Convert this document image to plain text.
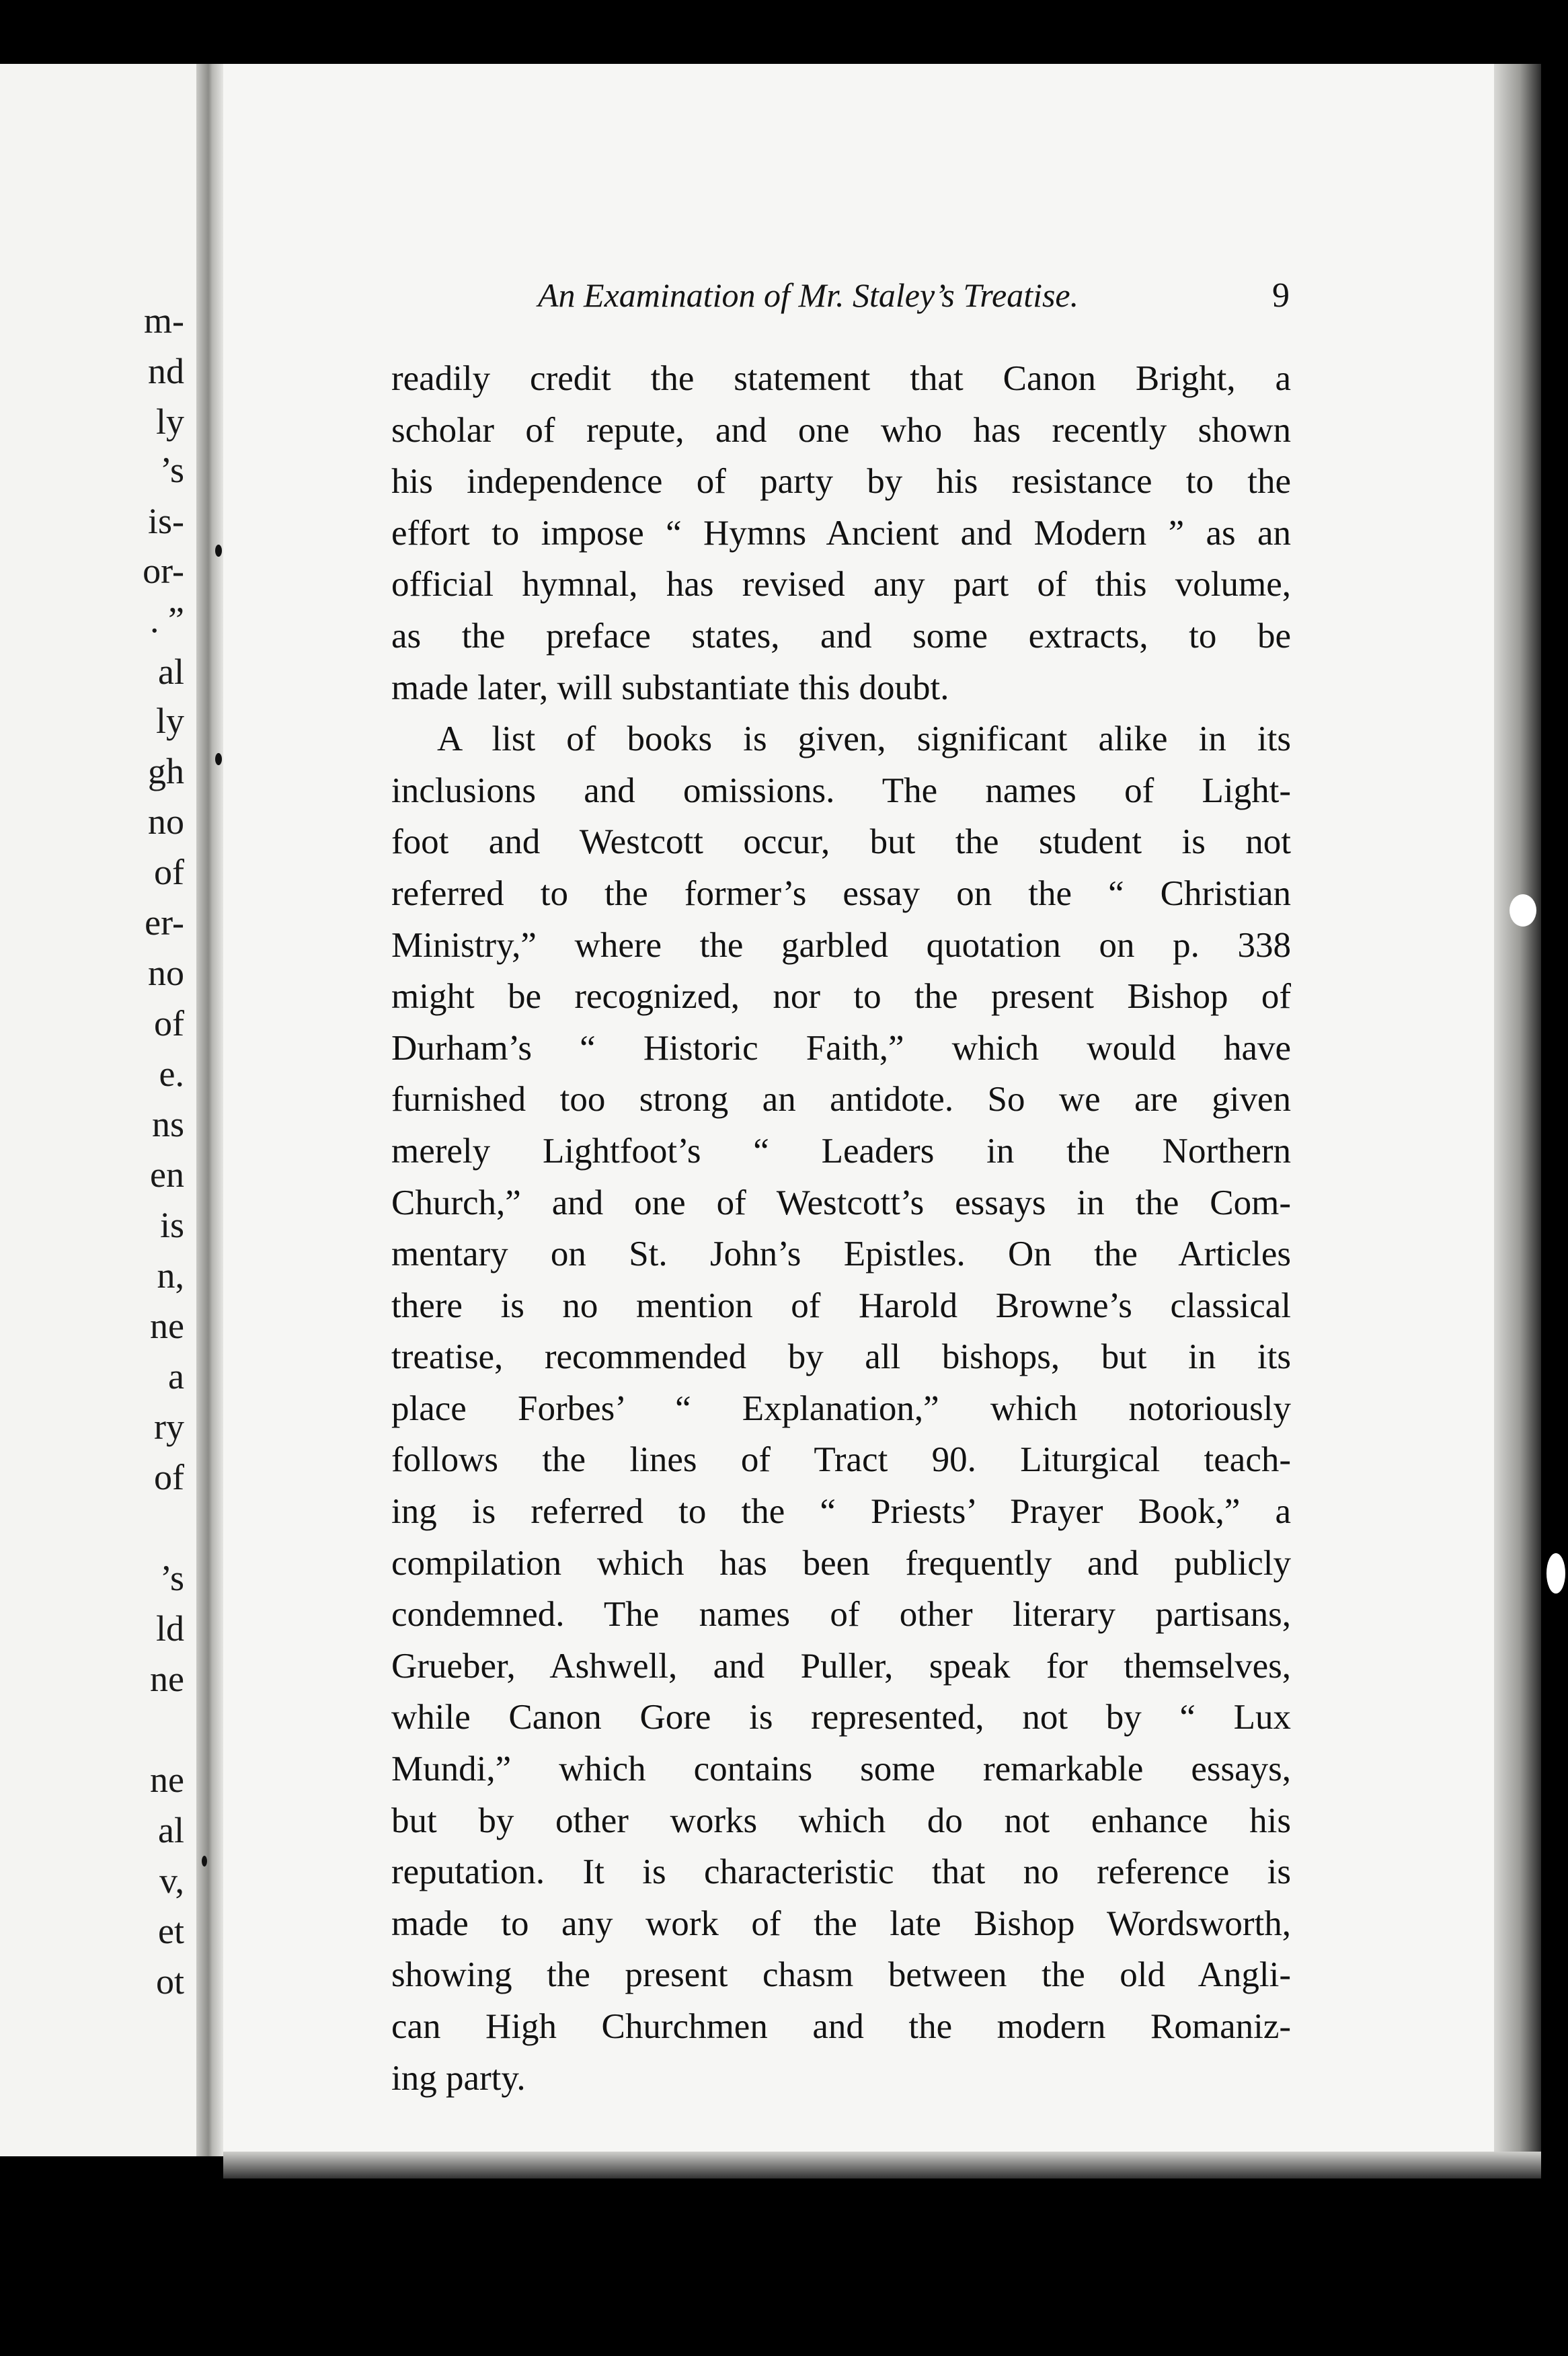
m-
nd
ly
’s
is-
or-
. ”
al
ly
gh
no
of
er-
no
of
e.
ns
en
is
n,
ne
a
ry
of
’s
ld
ne
ne
al
v,
et
ot
An Examination of Mr. Staley’s Treatise.	9
readily credit the statement that Canon Bright, a
scholar of repute, and one who has recently shown
his independence of party by his resistance to the
effort to impose “ Hymns Ancient and Modern ” as an
official hymnal, has revised any part of this volume,
as the preface states, and some extracts, to be
made later, will substantiate this doubt.
A list of books is given, significant alike in its
inclusions and omissions. The names of Light-
foot and Westcott occur, but the student is not
referred to the former’s essay on the “ Christian
Ministry,” where the garbled quotation on p. 338
might be recognized, nor to the present Bishop of
Durham’s “ Historic Faith,” which would have
furnished too strong an antidote. So we are given
merely Lightfoot’s “ Leaders in the Northern
Church,” and one of Westcott’s essays in the Com-
mentary on St. John’s Epistles. On the Articles
there is no mention of Harold Browne’s classical
treatise, recommended by all bishops, but in its
place Forbes’ “ Explanation,” which notoriously
follows the lines of Tract 90. Liturgical teach-
ing is referred to the “ Priests’ Prayer Book,” a
compilation which has been frequently and publicly
condemned. The names of other literary partisans,
Grueber, Ashwell, and Puller, speak for themselves,
while Canon Gore is represented, not by “ Lux
Mundi,” which contains some remarkable essays,
but by other works which do not enhance his
reputation. It is characteristic that no reference is
made to any work of the late Bishop Wordsworth,
showing the present chasm between the old Angli-
can High Churchmen and the modern Romaniz-
ing party.
